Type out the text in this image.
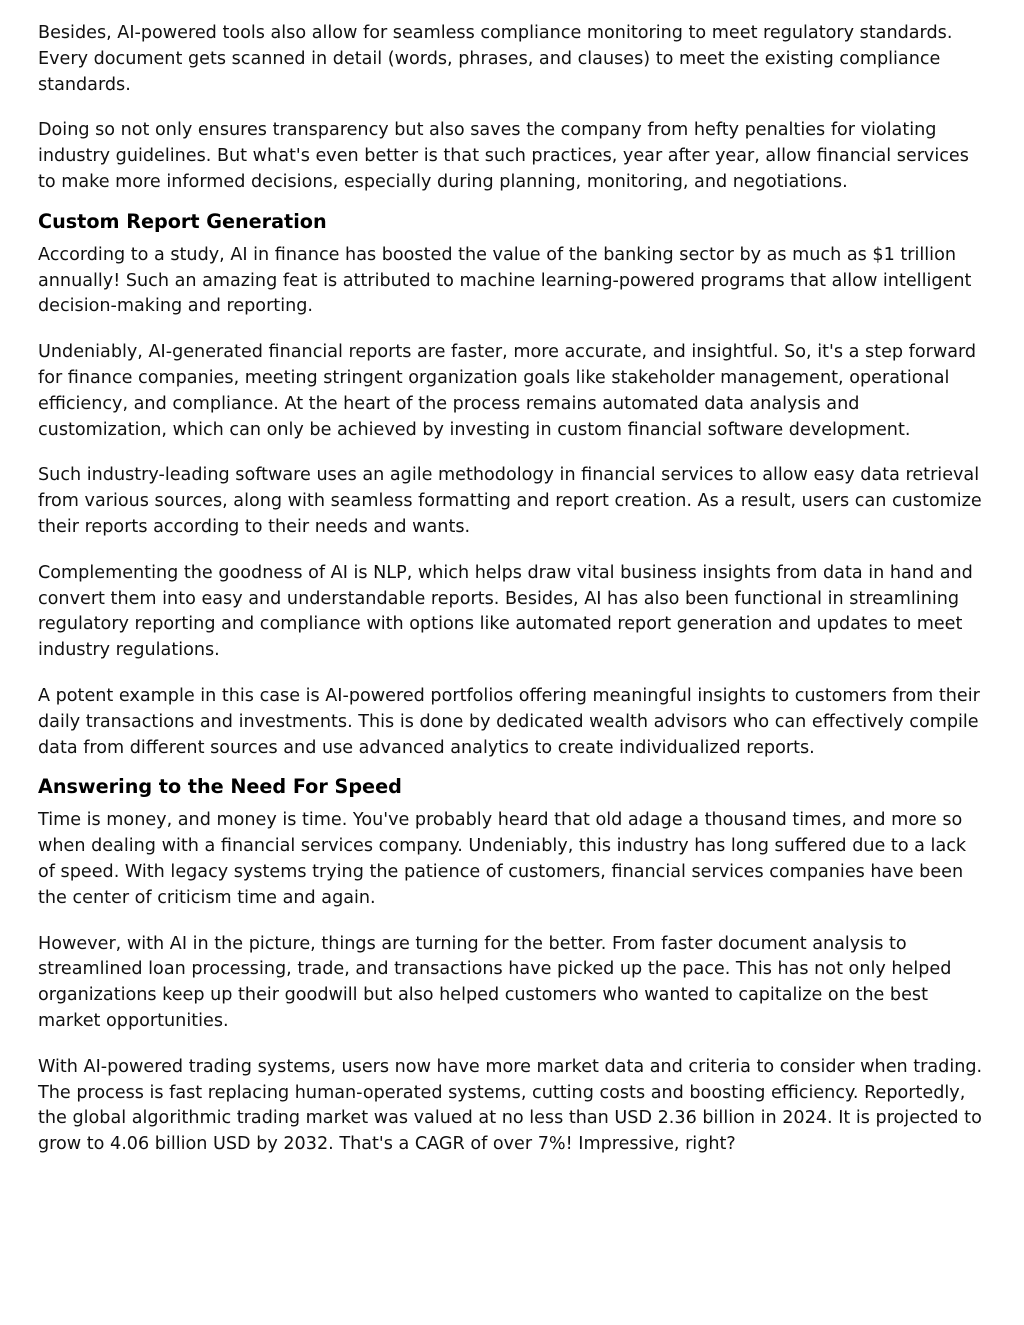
Besides, AI-powered tools also allow for seamless compliance monitoring to meet regulatory standards. Every document gets scanned in detail (words, phrases, and clauses) to meet the existing compliance standards.

Doing so not only ensures transparency but also saves the company from hefty penalties for violating industry guidelines. But what's even better is that such practices, year after year, allow financial services to make more informed decisions, especially during planning, monitoring, and negotiations.

Custom Report Generation

According to a study, AI in finance has boosted the value of the banking sector by as much as $1 trillion annually! Such an amazing feat is attributed to machine learning-powered programs that allow intelligent decision-making and reporting.

Undeniably, AI-generated financial reports are faster, more accurate, and insightful. So, it's a step forward for finance companies, meeting stringent organization goals like stakeholder management, operational efficiency, and compliance. At the heart of the process remains automated data analysis and customization, which can only be achieved by investing in custom financial software development.

Such industry-leading software uses an agile methodology in financial services to allow easy data retrieval from various sources, along with seamless formatting and report creation. As a result, users can customize their reports according to their needs and wants.

Complementing the goodness of AI is NLP, which helps draw vital business insights from data in hand and convert them into easy and understandable reports. Besides, AI has also been functional in streamlining regulatory reporting and compliance with options like automated report generation and updates to meet industry regulations.

A potent example in this case is AI-powered portfolios offering meaningful insights to customers from their daily transactions and investments. This is done by dedicated wealth advisors who can effectively compile data from different sources and use advanced analytics to create individualized reports.

Answering to the Need For Speed

Time is money, and money is time. You've probably heard that old adage a thousand times, and more so when dealing with a financial services company. Undeniably, this industry has long suffered due to a lack of speed. With legacy systems trying the patience of customers, financial services companies have been the center of criticism time and again.

However, with AI in the picture, things are turning for the better. From faster document analysis to streamlined loan processing, trade, and transactions have picked up the pace. This has not only helped organizations keep up their goodwill but also helped customers who wanted to capitalize on the best market opportunities.

With AI-powered trading systems, users now have more market data and criteria to consider when trading. The process is fast replacing human-operated systems, cutting costs and boosting efficiency. Reportedly, the global algorithmic trading market was valued at no less than USD 2.36 billion in 2024. It is projected to grow to 4.06 billion USD by 2032. That's a CAGR of over 7%! Impressive, right?
